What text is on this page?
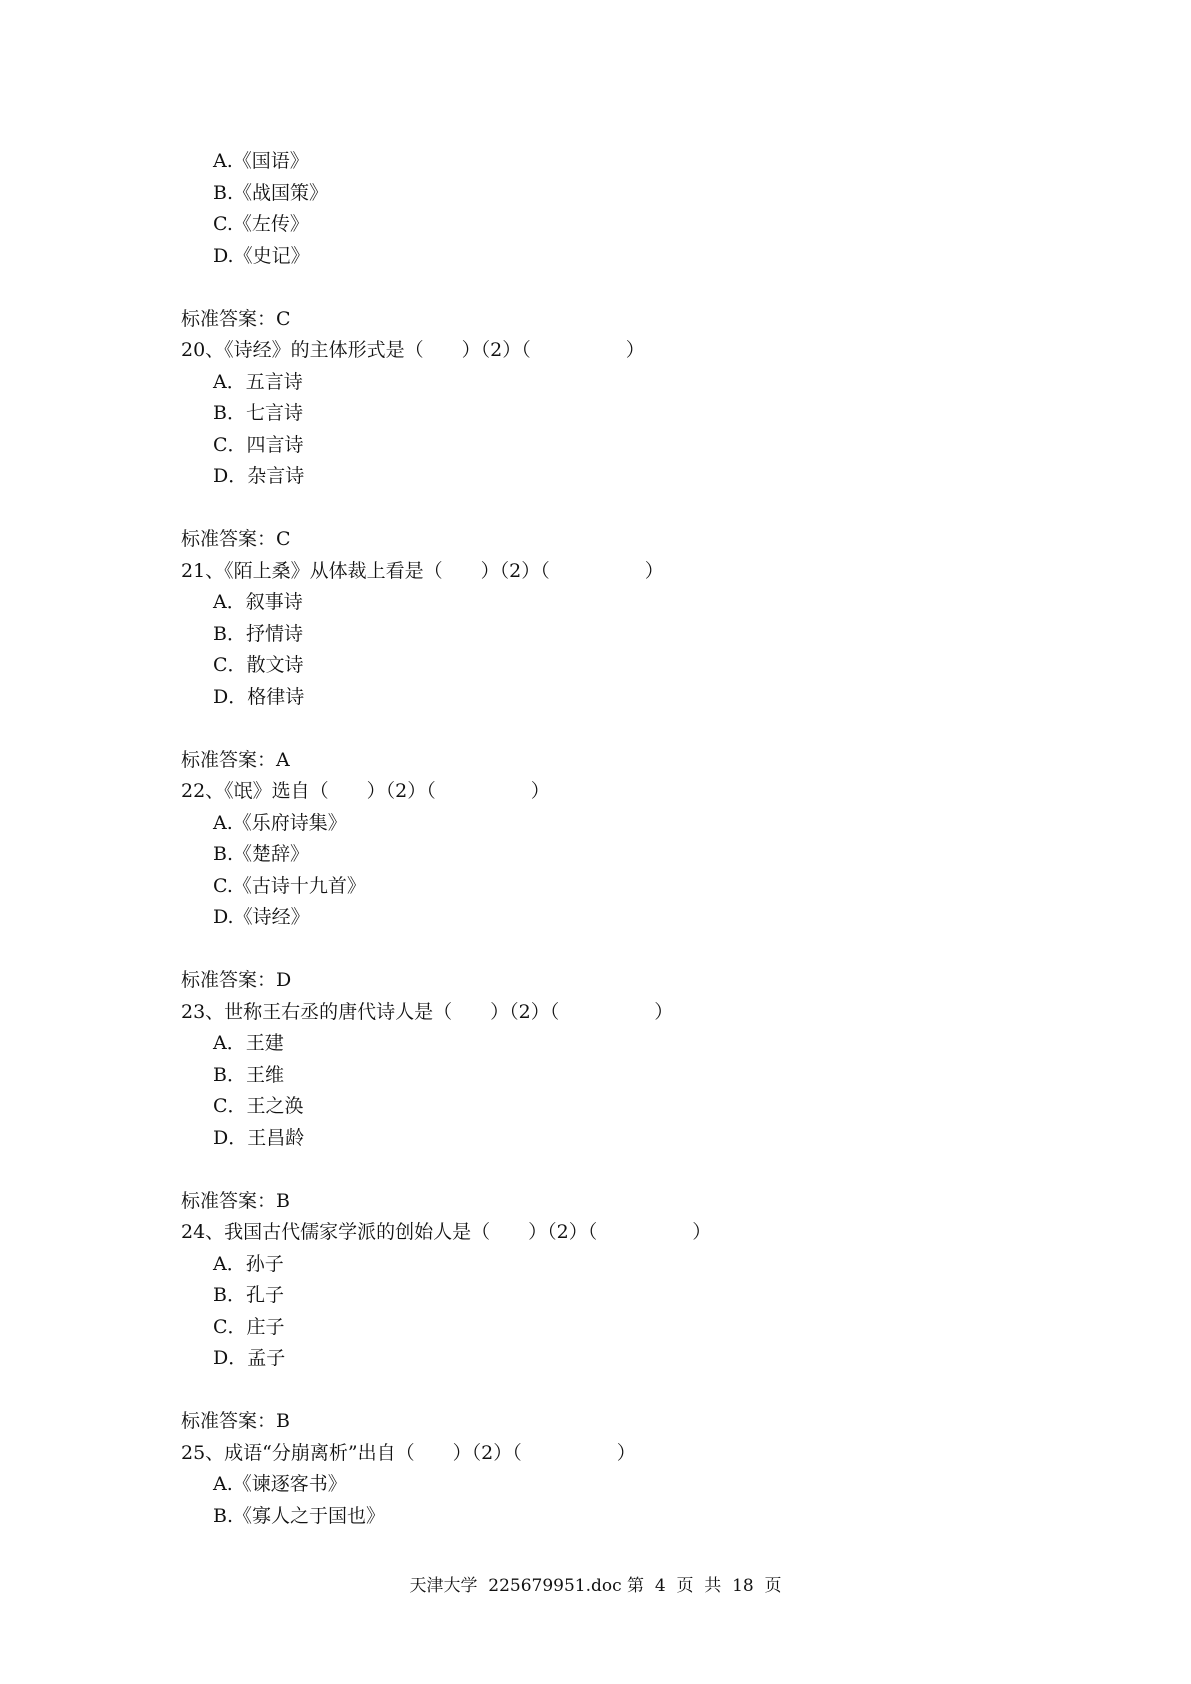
A.《国语》
B.《战国策》
C.《左传》
D.《史记》
标准答案：C
20、《诗经》的主体形式是（　　）（2）（　　　　　）
A．五言诗
B．七言诗
C．四言诗
D．杂言诗
标准答案：C
21、《陌上桑》从体裁上看是（　　）（2）（　　　　　）
A．叙事诗
B．抒情诗
C．散文诗
D．格律诗
标准答案：A
22、《氓》选自（　　）（2）（　　　　　）
A.《乐府诗集》
B.《楚辞》
C.《古诗十九首》
D.《诗经》
标准答案：D
23、世称王右丞的唐代诗人是（　　）（2）（　　　　　）
A．王建
B．王维
C．王之涣
D．王昌龄
标准答案：B
24、我国古代儒家学派的创始人是（　　）（2）（　　　　　）
A．孙子
B．孔子
C．庄子
D．孟子
标准答案：B
25、成语“分崩离析”出自（　　）（2）（　　　　　）
A.《谏逐客书》
B.《寡人之于国也》
天津大学  225679951.doc 第  4  页  共  18  页
